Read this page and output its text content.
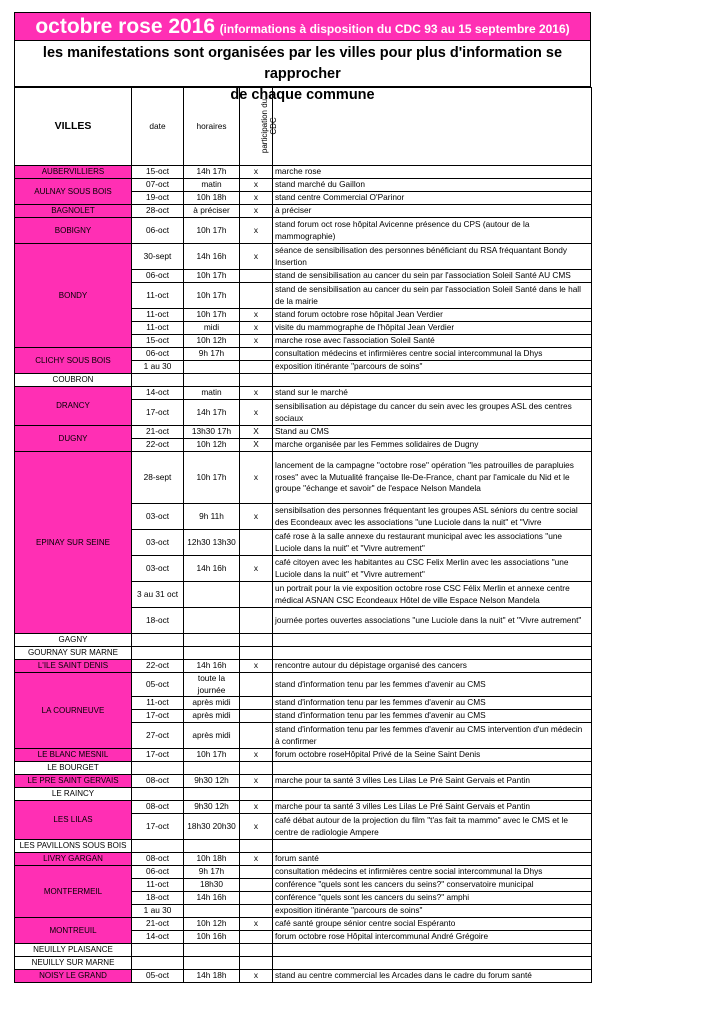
octobre rose 2016 (informations à disposition du CDC 93 au 15 septembre 2016)
les manifestations sont organisées par les villes pour plus d'information se rapprocher
de chaque commune
VILLES	date	horaires	participation du
CDC	
AUBERVILLIERS	15-oct	14h 17h	x	marche rose
AULNAY SOUS BOIS	07-oct	matin	x	stand marché du Gaillon
	19-oct	10h 18h	x	stand centre Commercial O'Parinor
BAGNOLET	28-oct	à préciser	x	à préciser
BOBIGNY	06-oct	10h 17h	x	stand forum oct rose hôpital Avicenne présence du CPS (autour de la mammographie)
BONDY	30-sept	14h 16h	x	séance de sensibilisation des personnes bénéficiant du RSA fréquantant Bondy Insertion
	06-oct	10h 17h		stand de sensibilisation au cancer du sein par l'association Soleil Santé AU CMS
	11-oct	10h 17h		stand de sensibilisation au cancer du sein par l'association Soleil Santé dans le hall de la mairie
	11-oct	10h 17h	x	stand forum octobre rose hôpital Jean Verdier
	11-oct	midi	x	visite du mammographe de l'hôpital Jean Verdier
	15-oct	10h 12h	x	marche rose avec l'association Soleil Santé
CLICHY SOUS BOIS	06-oct	9h 17h		consultation médecins et infirmières centre social intercommunal la Dhys
	1 au 30			exposition itinérante "parcours de soins"
COUBRON				
DRANCY	14-oct	matin	x	stand sur le marché
	17-oct	14h 17h	x	sensibilisation au dépistage du cancer du sein avec les groupes ASL des centres sociaux
DUGNY	21-oct	13h30 17h	X	Stand au CMS
	22-oct	10h 12h	X	marche organisée par les Femmes solidaires de Dugny
EPINAY SUR SEINE	28-sept	10h 17h	x	lancement de la campagne "octobre rose" opération "les patrouilles de parapluies roses" avec la Mutualité française Ile-De-France, chant par l'amicale du Nid et le groupe "échange et savoir" de l'espace Nelson Mandela
	03-oct	9h 11h	x	sensibilsation des personnes fréquentant les groupes ASL séniors du centre social des Econdeaux avec les associations "une Luciole dans la nuit" et "Vivre
	03-oct	12h30 13h30		café rose à la salle annexe du restaurant municipal avec les associations "une Luciole dans la nuit" et "Vivre autrement"
	03-oct	14h 16h	x	café citoyen avec les habitantes au CSC Felix Merlin avec les associations "une Luciole dans la nuit" et "Vivre autrement"
	3 au 31 oct			un portrait pour la vie exposition octobre rose CSC Félix Merlin et annexe centre médical ASNAN CSC Econdeaux Hôtel de ville Espace Nelson Mandela
	18-oct			journée portes ouvertes associations "une Luciole dans la nuit" et "Vivre autrement"
GAGNY				
GOURNAY SUR MARNE				
L'ILE SAINT DENIS	22-oct	14h 16h	x	rencontre autour du dépistage organisé des cancers
LA COURNEUVE	05-oct	toute la journée		stand d'information tenu par les femmes d'avenir au CMS
	11-oct	après midi		stand d'information tenu par les femmes d'avenir au CMS
	17-oct	après midi		stand d'information tenu par les femmes d'avenir au CMS
	27-oct	après midi		stand d'information tenu par les femmes d'avenir au CMS intervention d'un médecin à confirmer
LE BLANC MESNIL	17-oct	10h 17h	x	forum octobre roseHôpital Privé de la Seine Saint Denis
LE BOURGET				
LE PRE SAINT GERVAIS	08-oct	9h30 12h	x	marche pour ta santé 3 villes Les Lilas Le Pré Saint Gervais et Pantin
LE RAINCY				
LES LILAS	08-oct	9h30 12h	x	marche pour ta santé 3 villes Les Lilas Le Pré Saint Gervais et Pantin
	17-oct	18h30 20h30	x	café débat autour de la projection du film "t'as fait ta mammo" avec le CMS et le centre de radiologie Ampere
LES PAVILLONS SOUS BOIS				
LIVRY GARGAN	08-oct	10h 18h	x	forum santé
MONTFERMEIL	06-oct	9h 17h		consultation médecins et infirmières centre social intercommunal la Dhys
	11-oct	18h30		conférence "quels sont les cancers du seins?" conservatoire municipal
	18-oct	14h 16h		conférence "quels sont les cancers du seins?" amphi
	1 au 30			exposition itinérante "parcours de soins"
MONTREUIL	21-oct	10h 12h	x	café santé groupe sénior centre social Espéranto
	14-oct	10h 16h		forum octobre rose Hôpital intercommunal André Grégoire
NEUILLY PLAISANCE				
NEUILLY SUR MARNE				
NOISY LE GRAND	05-oct	14h 18h	x	stand au centre commercial les Arcades dans le cadre du forum santé
